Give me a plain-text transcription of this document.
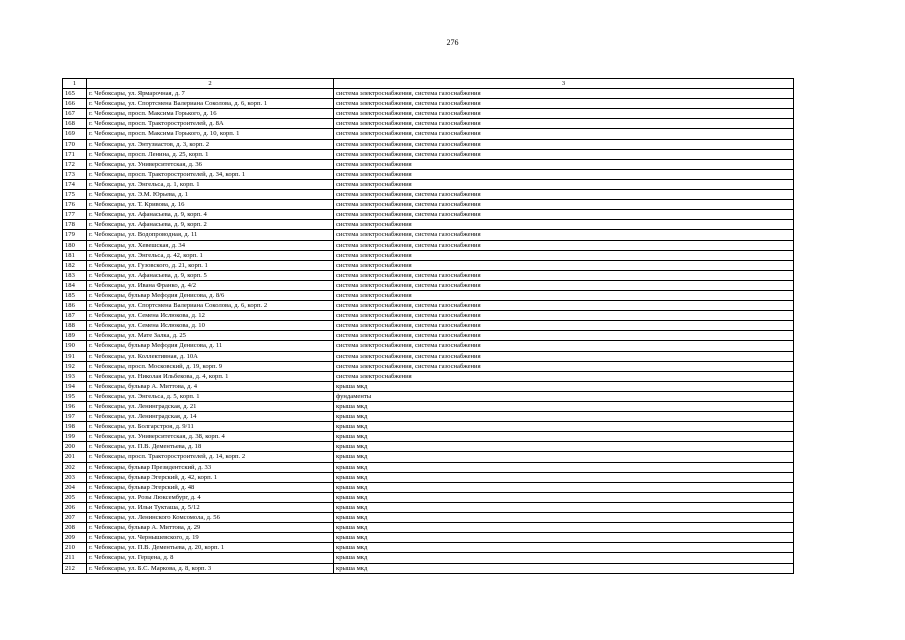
276
1	2	3
165	г. Чебоксары, ул. Ярмарочная, д. 7	система электроснабжения, система газоснабжения
166	г. Чебоксары, ул. Спортсмена Валериана Соколова, д. 6, корп. 1	система электроснабжения, система газоснабжения
167	г. Чебоксары, просп. Максима Горького, д. 16	система электроснабжения, система газоснабжения
168	г. Чебоксары, просп. Тракторостроителей, д. 8А	система электроснабжения, система газоснабжения
169	г. Чебоксары, просп. Максима Горького, д. 10, корп. 1	система электроснабжения, система газоснабжения
170	г. Чебоксары, ул. Энтузиастов, д. 3, корп. 2	система электроснабжения, система газоснабжения
171	г. Чебоксары, просп. Ленина, д. 25, корп. 1	система электроснабжения, система газоснабжения
172	г. Чебоксары, ул. Университетская, д. 36	система электроснабжения
173	г. Чебоксары, просп. Тракторостроителей, д. 34, корп. 1	система электроснабжения
174	г. Чебоксары, ул. Энгельса, д. 1, корп. 1	система электроснабжения
175	г. Чебоксары, ул. Э.М. Юрьева, д. 1	система электроснабжения, система газоснабжения
176	г. Чебоксары, ул. Т. Кривова, д. 16	система электроснабжения, система газоснабжения
177	г. Чебоксары, ул. Афанасьева, д. 9, корп. 4	система электроснабжения, система газоснабжения
178	г. Чебоксары, ул. Афанасьева, д. 9, корп. 2	система электроснабжения
179	г. Чебоксары, ул. Водопроводная, д. 11	система электроснабжения, система газоснабжения
180	г. Чебоксары, ул. Хевешская, д. 34	система электроснабжения, система газоснабжения
181	г. Чебоксары, ул. Энгельса, д. 42, корп. 1	система электроснабжения
182	г. Чебоксары, ул. Гузовского, д. 21, корп. 1	система электроснабжения
183	г. Чебоксары, ул. Афанасьева, д. 9, корп. 5	система электроснабжения, система газоснабжения
184	г. Чебоксары, ул. Ивана Франко, д. 4/2	система электроснабжения, система газоснабжения
185	г. Чебоксары, бульвар Мефодия Денисова, д. 8/6	система электроснабжения
186	г. Чебоксары, ул. Спортсмена Валериана Соколова, д. 6, корп. 2	система электроснабжения, система газоснабжения
187	г. Чебоксары, ул. Семена Ислюкова, д. 12	система электроснабжения, система газоснабжения
188	г. Чебоксары, ул. Семена Ислюкова, д. 10	система электроснабжения, система газоснабжения
189	г. Чебоксары, ул. Мате Залка, д. 25	система электроснабжения, система газоснабжения
190	г. Чебоксары, бульвар Мефодия Денисова, д. 11	система электроснабжения, система газоснабжения
191	г. Чебоксары, ул. Коллективная, д. 10А	система электроснабжения, система газоснабжения
192	г. Чебоксары, просп. Московский, д. 19, корп. 9	система электроснабжения, система газоснабжения
193	г. Чебоксары, ул. Николая Ильбекова, д. 4, корп. 1	система электроснабжения
194	г. Чебоксары, бульвар А. Миттова, д. 4	крыша мкд
195	г. Чебоксары, ул. Энгельса, д. 5, корп. 1	фундаменты
196	г. Чебоксары, ул. Ленинградская, д. 21	крыша мкд
197	г. Чебоксары, ул. Ленинградская, д. 14	крыша мкд
198	г. Чебоксары, ул. Болгарстроя, д. 9/11	крыша мкд
199	г. Чебоксары, ул. Университетская, д. 38, корп. 4	крыша мкд
200	г. Чебоксары, ул. П.В. Дементьева, д. 18	крыша мкд
201	г. Чебоксары, просп. Тракторостроителей, д. 14, корп. 2	крыша мкд
202	г. Чебоксары, бульвар Президентский, д. 33	крыша мкд
203	г. Чебоксары, бульвар Эгерский, д. 42, корп. 1	крыша мкд
204	г. Чебоксары, бульвар Эгерский, д. 48	крыша мкд
205	г. Чебоксары, ул. Розы Люксембург, д. 4	крыша мкд
206	г. Чебоксары, ул. Ильи Тукташа, д. 5/12	крыша мкд
207	г. Чебоксары, ул. Ленинского Комсомола, д. 56	крыша мкд
208	г. Чебоксары, бульвар А. Миттова, д. 29	крыша мкд
209	г. Чебоксары, ул. Чернышевского, д. 19	крыша мкд
210	г. Чебоксары, ул. П.В. Дементьева, д. 20, корп. 1	крыша мкд
211	г. Чебоксары, ул. Герцена, д. 8	крыша мкд
212	г. Чебоксары, ул. Б.С. Маркова, д. 8, корп. 3	крыша мкд
